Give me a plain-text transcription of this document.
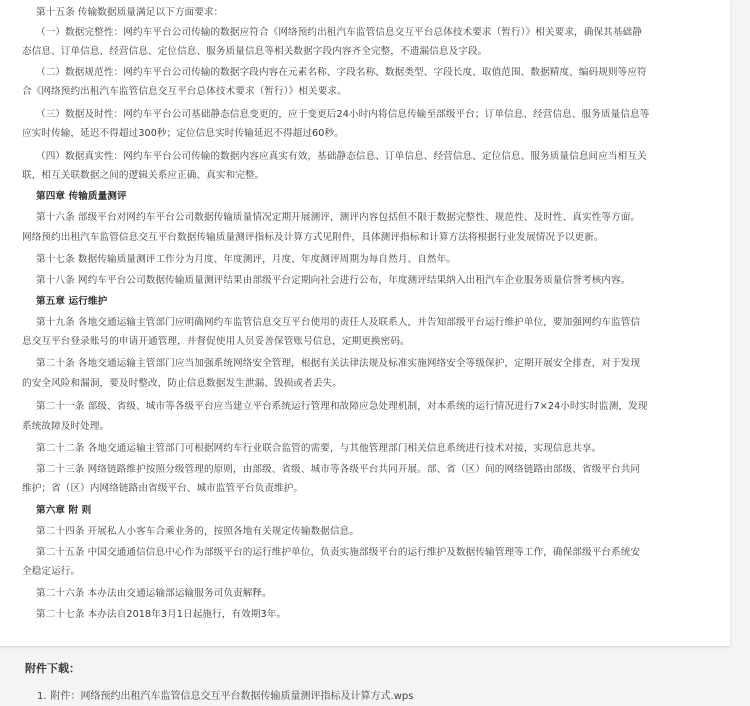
第十五条 传输数据质量满足以下方面要求：
（一）数据完整性：网约车平台公司传输的数据应符合《网络预约出租汽车监管信息交互平台总体技术要求（暂行）》相关要求，确保其基础静
态信息、订单信息、经营信息、定位信息、服务质量信息等相关数据字段内容齐全完整，不遗漏信息及字段。
（二）数据规范性：网约车平台公司传输的数据字段内容在元素名称、字段名称、数据类型、字段长度、取值范围、数据精度、编码规则等应符
合《网络预约出租汽车监管信息交互平台总体技术要求（暂行）》相关要求。
（三）数据及时性：网约车平台公司基础静态信息变更的，应于变更后24小时内将信息传输至部级平台；订单信息、经营信息、服务质量信息等
应实时传输，延迟不得超过300秒；定位信息实时传输延迟不得超过60秒。
（四）数据真实性：网约车平台公司传输的数据内容应真实有效，基础静态信息、订单信息、经营信息、定位信息、服务质量信息间应当相互关
联，相互关联数据之间的逻辑关系应正确、真实和完整。
第四章 传输质量测评
第十六条 部级平台对网约车平台公司数据传输质量情况定期开展测评，测评内容包括但不限于数据完整性、规范性、及时性、真实性等方面。
网络预约出租汽车监管信息交互平台数据传输质量测评指标及计算方式见附件，具体测评指标和计算方法将根据行业发展情况予以更新。
第十七条 数据传输质量测评工作分为月度、年度测评，月度、年度测评周期为每自然月、自然年。
第十八条 网约车平台公司数据传输质量测评结果由部级平台定期向社会进行公布，年度测评结果纳入出租汽车企业服务质量信誉考核内容。
第五章 运行维护
第十九条 各地交通运输主管部门应明确网约车监管信息交互平台使用的责任人及联系人，并告知部级平台运行维护单位，要加强网约车监管信
息交互平台登录账号的申请开通管理，并督促使用人员妥善保管账号信息，定期更换密码。
第二十条 各地交通运输主管部门应当加强系统网络安全管理，根据有关法律法规及标准实施网络安全等级保护，定期开展安全排查，对于发现
的安全风险和漏洞，要及时整改，防止信息数据发生泄漏、毁损或者丢失。
第二十一条 部级、省级、城市等各级平台应当建立平台系统运行管理和故障应急处理机制，对本系统的运行情况进行7×24小时实时监测，发现
系统故障及时处理。
第二十二条 各地交通运输主管部门可根据网约车行业联合监管的需要，与其他管理部门相关信息系统进行技术对接，实现信息共享。
第二十三条 网络链路维护按照分级管理的原则，由部级、省级、城市等各级平台共同开展。部、省（区）间的网络链路由部级、省级平台共同
维护；省（区）内网络链路由省级平台、城市监管平台负责维护。
第六章 附 则
第二十四条 开展私人小客车合乘业务的，按照各地有关规定传输数据信息。
第二十五条 中国交通通信信息中心作为部级平台的运行维护单位，负责实施部级平台的运行维护及数据传输管理等工作，确保部级平台系统安
全稳定运行。
第二十六条 本办法由交通运输部运输服务司负责解释。
第二十七条 本办法自2018年3月1日起施行，有效期3年。
附件下载：
1. 附件：网络预约出租汽车监管信息交互平台数据传输质量测评指标及计算方式.wps
